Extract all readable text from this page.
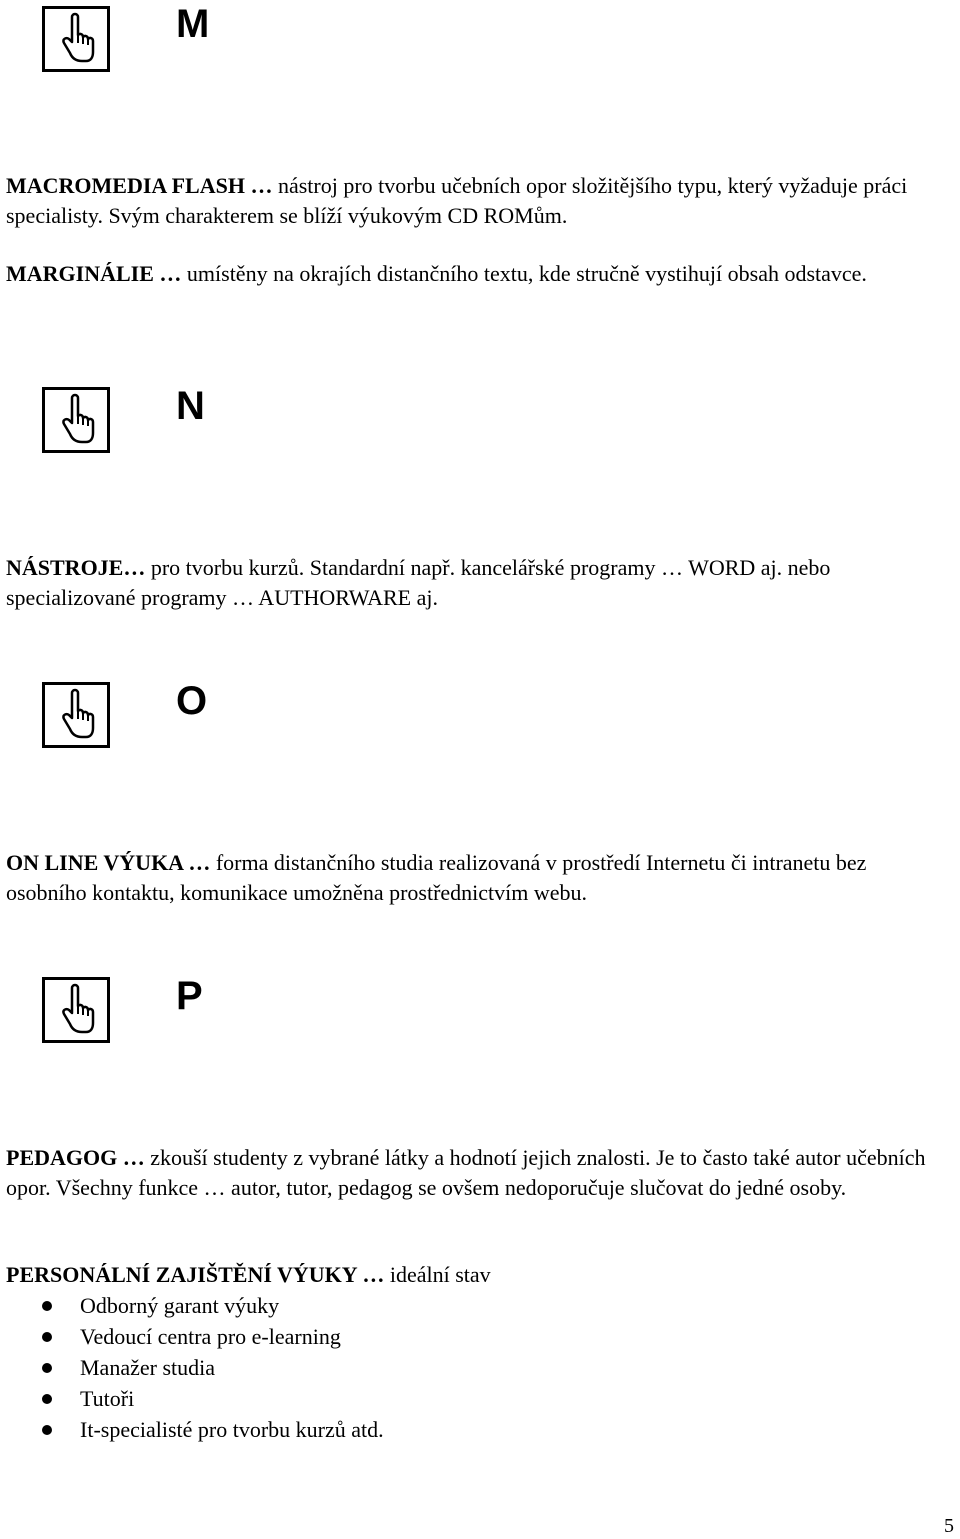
M

MACROMEDIA FLASH … nástroj pro tvorbu učebních opor složitějšího typu, který vyžaduje práci specialisty. Svým charakterem se blíží výukovým CD ROMům.

MARGINÁLIE … umístěny na okrajích distančního textu, kde stručně vystihují obsah odstavce.

N

NÁSTROJE… pro tvorbu kurzů. Standardní např. kancelářské programy … WORD aj. nebo specializované programy … AUTHORWARE aj.

O

ON LINE VÝUKA … forma distančního studia realizovaná v prostředí Internetu či intranetu bez osobního kontaktu, komunikace umožněna prostřednictvím webu.

P

PEDAGOG … zkouší studenty z vybrané látky a hodnotí jejich znalosti. Je to často také autor učebních opor. Všechny funkce … autor, tutor, pedagog se ovšem nedoporučuje slučovat do jedné osoby.

PERSONÁLNÍ ZAJIŠTĚNÍ VÝUKY … ideální stav

Odborný garant výuky
Vedoucí centra pro e-learning
Manažer studia
Tutoři
It-specialisté pro tvorbu kurzů atd.
5
